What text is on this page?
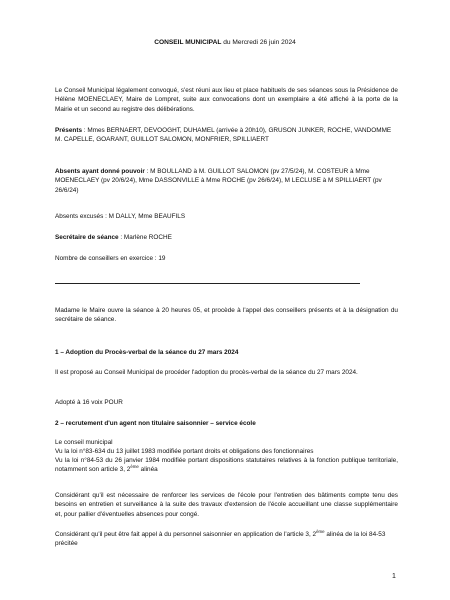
CONSEIL MUNICIPAL du Mercredi 26 juin 2024

Le Conseil Municipal légalement convoqué, s'est réuni aux lieu et place habituels de ses séances sous la Présidence de Hélène MOENECLAEY, Maire de Lompret, suite aux convocations dont un exemplaire a été affiché à la porte de la Mairie et un second au registre des délibérations.

Présents : Mmes BERNAERT, DEVOOGHT, DUHAMEL (arrivée à 20h10), GRUSON JUNKER, ROCHE, VANDOMME
M. CAPELLE, GOARANT, GUILLOT SALOMON, MONFRIER, SPILLIAERT

Absents ayant donné pouvoir : M BOULLAND à M. GUILLOT SALOMON (pv 27/5/24), M. COSTEUR à Mme MOENECLAEY (pv 20/6/24), Mme DASSONVILLE à Mme ROCHE (pv 26/6/24), M LECLUSE à M SPILLIAERT (pv 26/6/24)

Absents excusés : M DALLY, Mme BEAUFILS

Secrétaire de séance : Marlène ROCHE

Nombre de conseillers en exercice : 19

Madame le Maire ouvre la séance à 20 heures 05, et procède à l'appel des conseillers présents et à la désignation du secrétaire de séance.

1 – Adoption du Procès-verbal de la séance du 27 mars 2024

Il est proposé au Conseil Municipal de procéder l'adoption du procès-verbal de la séance du 27 mars 2024.

Adopté à 16 voix POUR

2 – recrutement d'un agent non titulaire saisonnier – service école

Le conseil municipal

Vu la loi n°83-634 du 13 juillet 1983 modifiée portant droits et obligations des fonctionnaires

Vu la loi n°84-53 du 26 janvier 1984 modifiée portant dispositions statutaires relatives à la fonction publique territoriale, notamment son article 3, 2ème alinéa

Considérant qu'il est nécessaire de renforcer les services de l'école pour l'entretien des bâtiments compte tenu des besoins en entretien et surveillance à la suite des travaux d'extension de l'école accueillant une classe supplémentaire et, pour pallier d'éventuelles absences pour congé.

Considérant qu'il peut être fait appel à du personnel saisonnier en application de l'article 3, 2ème alinéa de la loi 84-53 précitée

1
